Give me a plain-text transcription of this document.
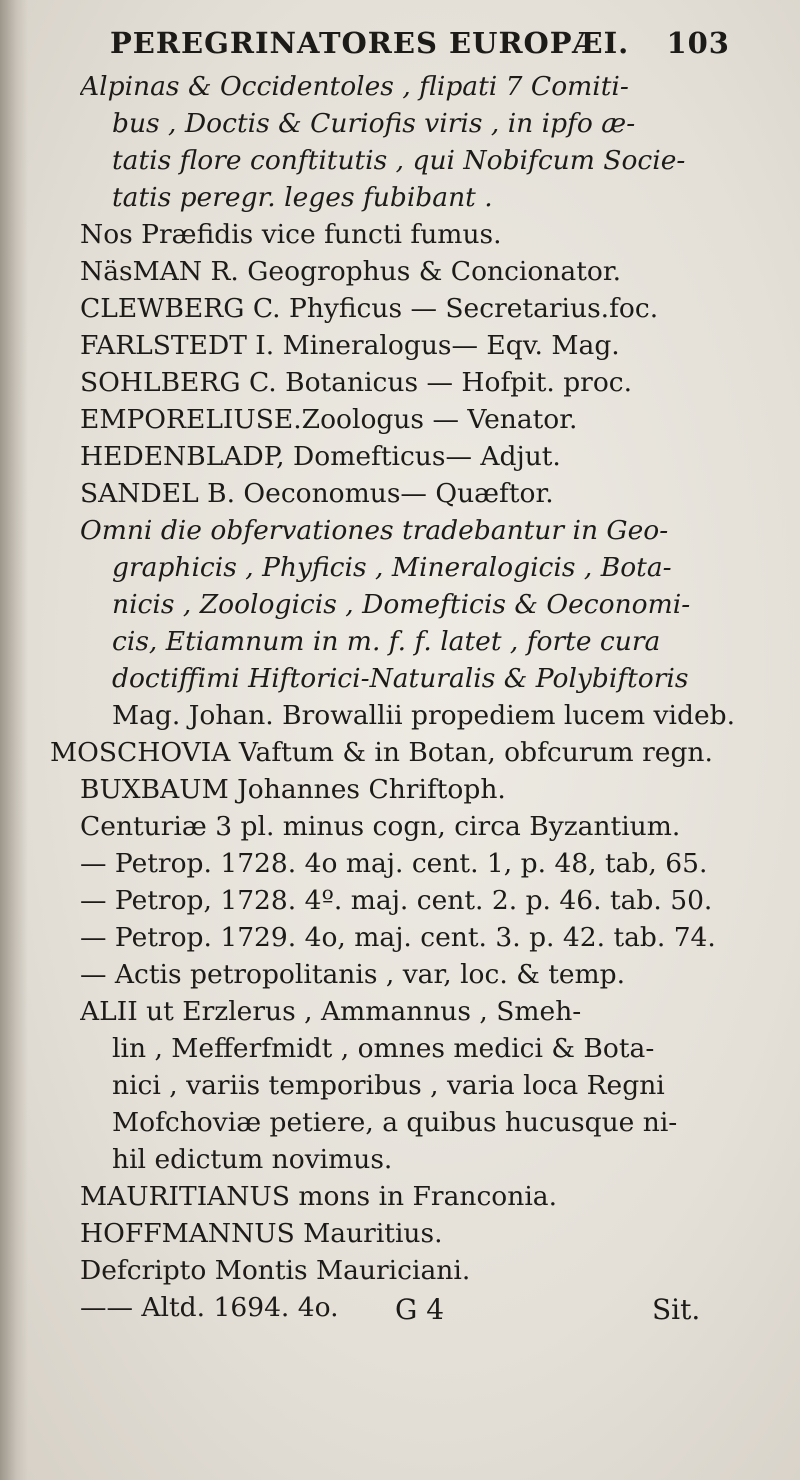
PEREGRINATORES EUROPÆI. 103
Alpinas & Occidentoles , flipati 7 Comiti-
bus , Doctis & Curiofis viris , in ipfo æ-
tatis flore conftitutis , qui Nobifcum Socie-
tatis peregr. leges fubibant .
Nos Præfidis vice functi fumus.
NäsMAN R. Geogrophus & Concionator.
CLEWBERG C. Phyficus — Secretarius.foc.
FARLSTEDT I. Mineralogus— Eqv. Mag.
SOHLBERG C. Botanicus — Hofpit. proc.
EMPORELIUSE.Zoologus — Venator.
HEDENBLADP, Domefticus— Adjut.
SANDEL B. Oeconomus— Quæftor.
Omni die obfervationes tradebantur in Geo-
graphicis , Phyficis , Mineralogicis , Bota-
nicis , Zoologicis , Domefticis & Oeconomi-
cis, Etiamnum in m. f. f. latet , forte cura
doctiffimi Hiftorici-Naturalis & Polybiftoris
Mag. Johan. Browallii propediem lucem videb.
MOSCHOVIA Vaftum & in Botan, obfcurum regn.
BUXBAUM Johannes Chriftoph.
Centuriæ 3 pl. minus cogn, circa Byzantium.
— Petrop. 1728. 4o maj. cent. 1, p. 48, tab, 65.
— Petrop, 1728. 4º. maj. cent. 2. p. 46. tab. 50.
— Petrop. 1729. 4o, maj. cent. 3. p. 42. tab. 74.
— Actis petropolitanis , var, loc. & temp.
ALII ut Erzlerus , Ammannus , Smeh-
lin , Mefferfmidt , omnes medici & Bota-
nici , variis temporibus , varia loca Regni
Mofchoviæ petiere, a quibus hucusque ni-
hil edictum novimus.
MAURITIANUS mons in Franconia.
HOFFMANNUS Mauritius.
Defcripto Montis Mauriciani.
—— Altd. 1694. 4o.	G 4	Sit.
